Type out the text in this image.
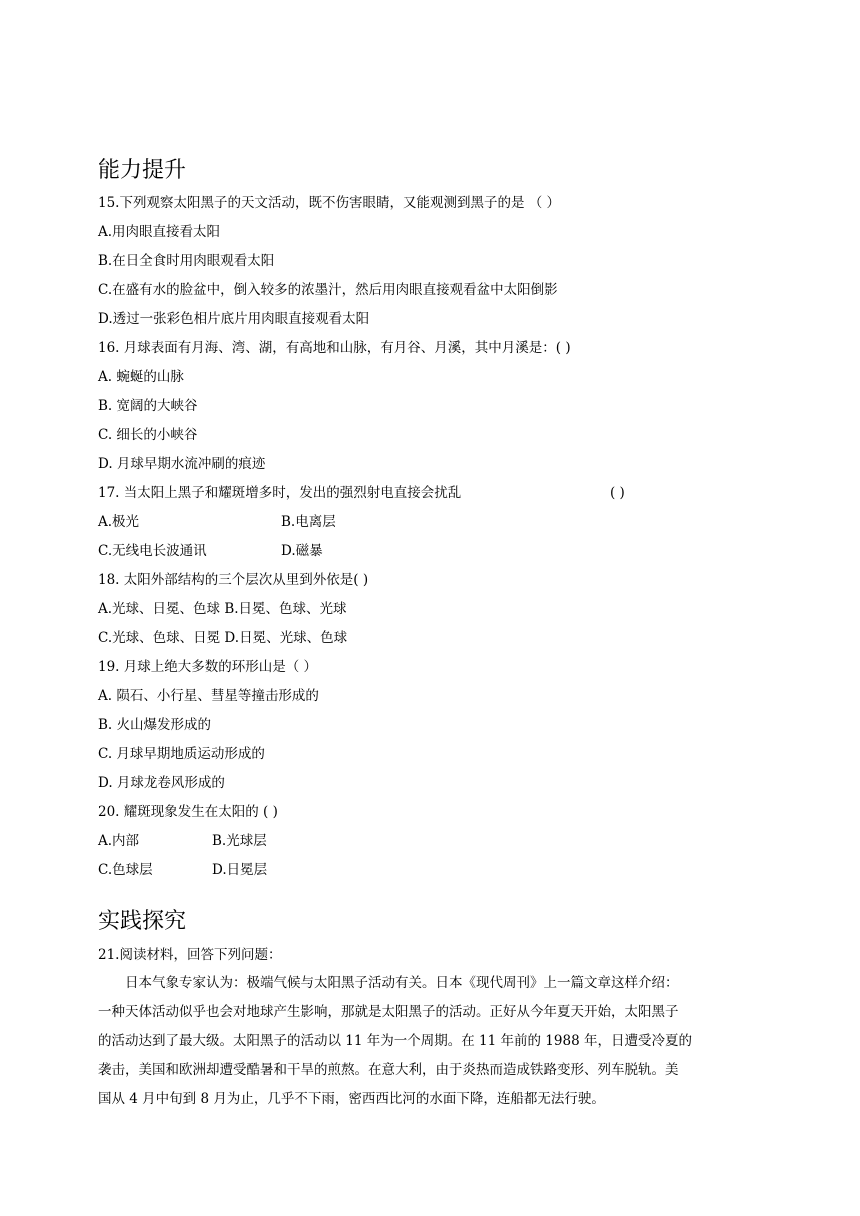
能力提升
15.下列观察太阳黑子的天文活动，既不伤害眼睛，又能观测到黑子的是 （ ）
A.用肉眼直接看太阳
B.在日全食时用肉眼观看太阳
C.在盛有水的脸盆中，倒入较多的浓墨汁，然后用肉眼直接观看盆中太阳倒影
D.透过一张彩色相片底片用肉眼直接观看太阳
16. 月球表面有月海、湾、湖，有高地和山脉，有月谷、月溪，其中月溪是：( )
A. 蜿蜒的山脉
B. 宽阔的大峡谷
C. 细长的小峡谷
D. 月球早期水流冲刷的痕迹
17. 当太阳上黑子和耀斑增多时，发出的强烈射电直接会扰乱	( )
A.极光	B.电离层
C.无线电长波通讯	D.磁暴
18. 太阳外部结构的三个层次从里到外依是( )
A.光球、日冕、色球 B.日冕、色球、光球
C.光球、色球、日冕 D.日冕、光球、色球
19. 月球上绝大多数的环形山是（ ）
A. 陨石、小行星、彗星等撞击形成的
B. 火山爆发形成的
C. 月球早期地质运动形成的
D. 月球龙卷风形成的
20. 耀斑现象发生在太阳的 ( )
A.内部	B.光球层
C.色球层	D.日冕层
实践探究
21.阅读材料，回答下列问题：
日本气象专家认为：极端气候与太阳黑子活动有关。日本《现代周刊》上一篇文章这样介绍：
一种天体活动似乎也会对地球产生影响，那就是太阳黑子的活动。正好从今年夏天开始，太阳黑子
的活动达到了最大级。太阳黑子的活动以 11 年为一个周期。在 11 年前的 1988 年，日遭受冷夏的
袭击，美国和欧洲却遭受酷暑和干旱的煎熬。在意大利，由于炎热而造成铁路变形、列车脱轨。美
国从 4 月中旬到 8 月为止，几乎不下雨，密西西比河的水面下降，连船都无法行驶。
